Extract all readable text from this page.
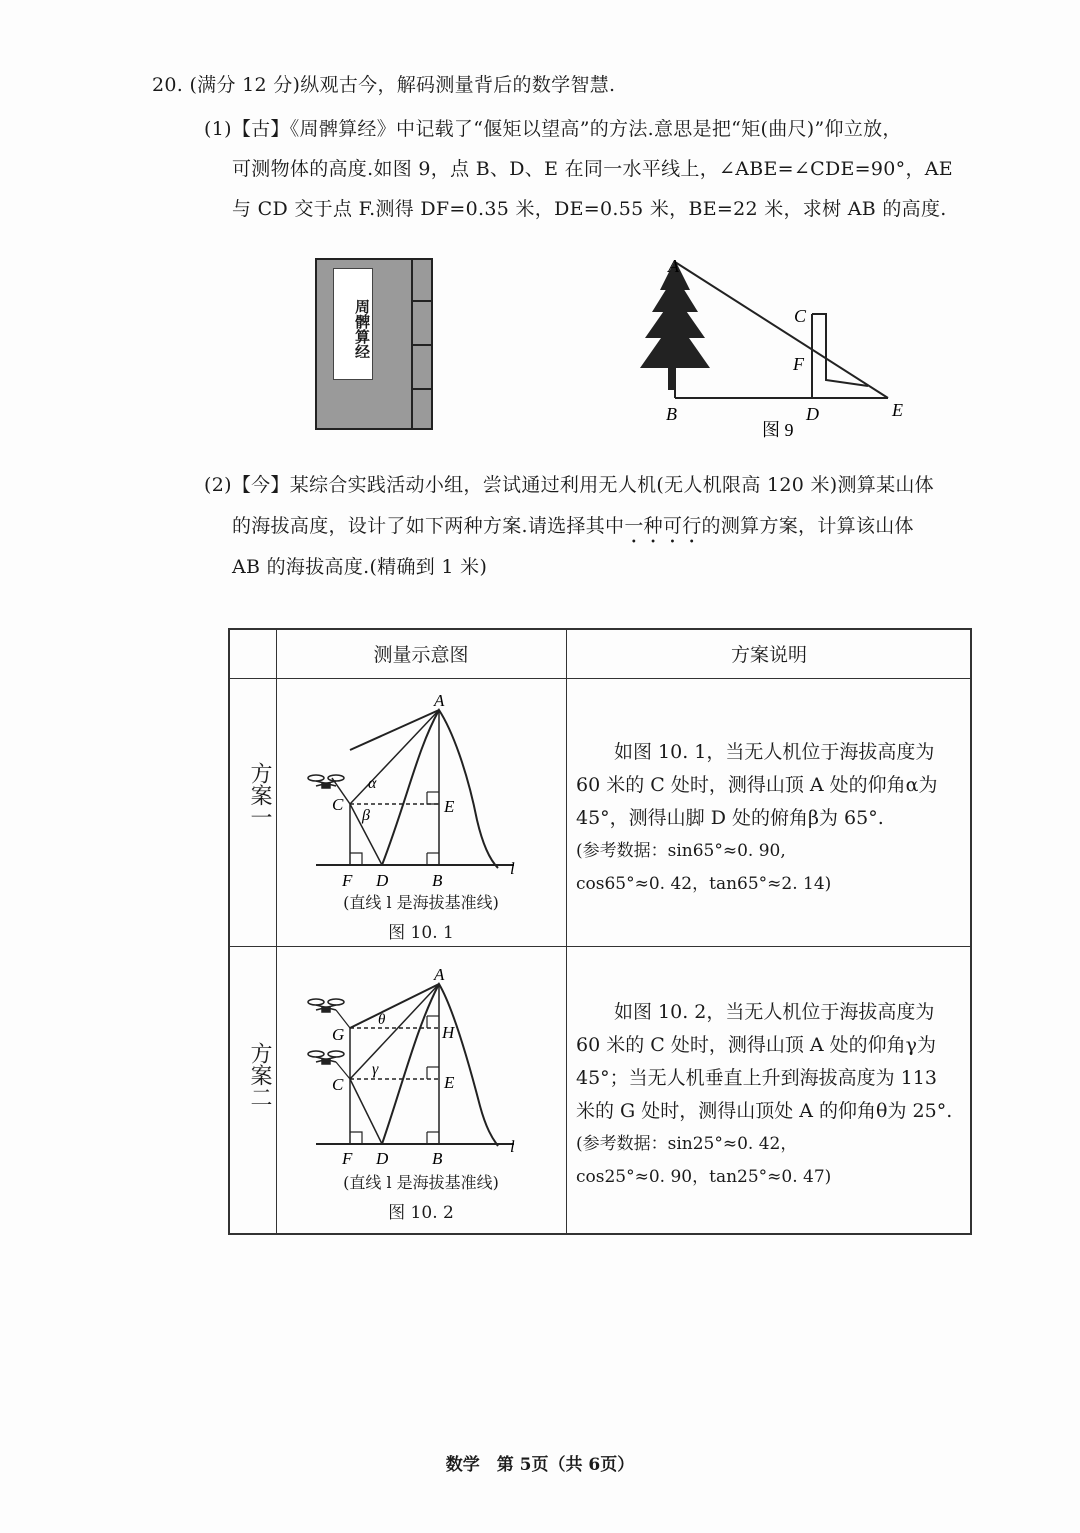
20. (满分 12 分)纵观古今，解码测量背后的数学智慧.
(1)【古】《周髀算经》中记载了“偃矩以望高”的方法.意思是把“矩(曲尺)”仰立放，
可测物体的高度.如图 9，点 B、D、E 在同一水平线上，∠ABE=∠CDE=90°，AE
与 CD 交于点 F.测得 DF=0.35 米，DE=0.55 米，BE=22 米，求树 AB 的高度.
周髀算经
A
C
F
B	D	E
图 9
(2)【今】某综合实践活动小组，尝试通过利用无人机(无人机限高 120 米)测算某山体
的海拔高度，设计了如下两种方案.请选择其中一种可行的测算方案，计算该山体
AB 的海拔高度.(精确到 1 米)
测量示意图	方案说明
方案一
A
α
C
β	E
F D	B
l
(直线 l 是海拔基准线)
图 10. 1
如图 10. 1，当无人机位于海拔高度为
60 米的 C 处时，测得山顶 A 处的仰角α为
45°，测得山脚 D 处的俯角β为 65°.
(参考数据：sin65°≈0. 90,
cos65°≈0. 42，tan65°≈2. 14)
方案二
A
θ
G	H
γ
C	E
F D	B
l
(直线 l 是海拔基准线)
图 10. 2
如图 10. 2，当无人机位于海拔高度为
60 米的 C 处时，测得山顶 A 处的仰角γ为
45°；当无人机垂直上升到海拔高度为 113
米的 G 处时，测得山顶处 A 的仰角θ为 25°.
(参考数据：sin25°≈0. 42，
cos25°≈0. 90，tan25°≈0. 47)
数学　第 5页（共 6页）
